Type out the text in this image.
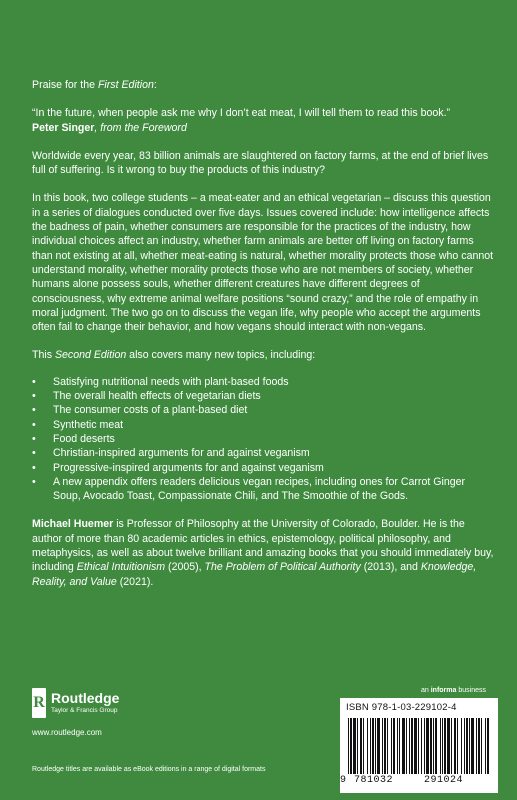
Praise for the First Edition:

“In the future, when people ask me why I don’t eat meat, I will tell them to read this book.”

Peter Singer, from the Foreword

Worldwide every year, 83 billion animals are slaughtered on factory farms, at the end of brief lives full of suffering. Is it wrong to buy the products of this industry?

In this book, two college students – a meat-eater and an ethical vegetarian – discuss this question in a series of dialogues conducted over five days. Issues covered include: how intelligence affects the badness of pain, whether consumers are responsible for the practices of the industry, how individual choices affect an industry, whether farm animals are better off living on factory farms than not existing at all, whether meat-eating is natural, whether morality protects those who cannot understand morality, whether morality protects those who are not members of society, whether humans alone possess souls, whether different creatures have different degrees of consciousness, why extreme animal welfare positions “sound crazy,” and the role of empathy in moral judgment. The two go on to discuss the vegan life, why people who accept the arguments often fail to change their behavior, and how vegans should interact with non-vegans.

This Second Edition also covers many new topics, including:

• Satisfying nutritional needs with plant-based foods
• The overall health effects of vegetarian diets
• The consumer costs of a plant-based diet
• Synthetic meat
• Food deserts
• Christian-inspired arguments for and against veganism
• Progressive-inspired arguments for and against veganism
• A new appendix offers readers delicious vegan recipes, including ones for Carrot Ginger Soup, Avocado Toast, Compassionate Chili, and The Smoothie of the Gods.

Michael Huemer is Professor of Philosophy at the University of Colorado, Boulder. He is the author of more than 80 academic articles in ethics, epistemology, political philosophy, and metaphysics, as well as about twelve brilliant and amazing books that you should immediately buy, including Ethical Intuitionism (2005), The Problem of Political Authority (2013), and Knowledge, Reality, and Value (2021).

R Routledge
Taylor & Francis Group
www.routledge.com
Routledge titles are available as eBook editions in a range of digital formats
an informa business
ISBN 978-1-03-229102-4
9 781032	291024
